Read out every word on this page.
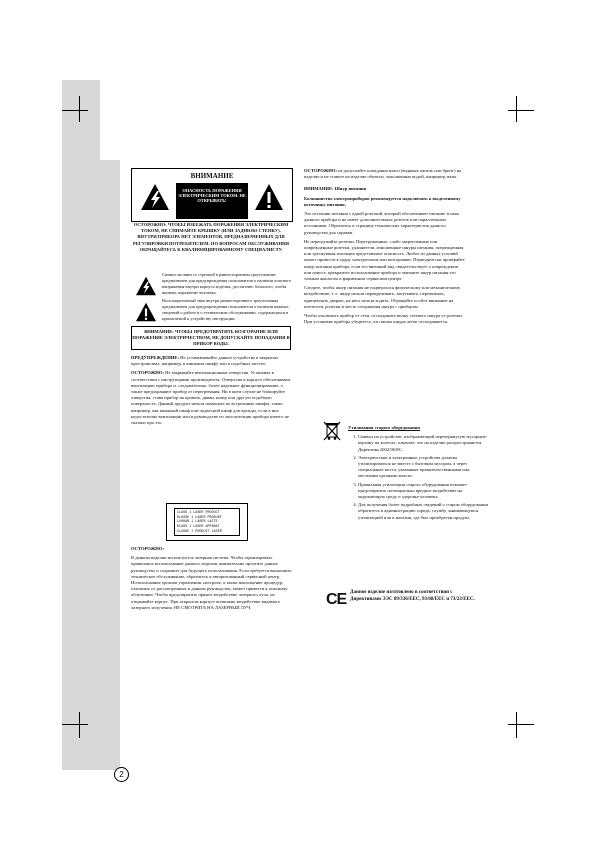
ВНИМАНИЕ
ОПАСНОСТЬ ПОРАЖЕНИЯ ЭЛЕКТРИЧЕСКИМ ТОКОМ. НЕ ОТКРЫВАТЬ!
ОСТОРОЖНО: ЧТОБЫ ИЗБЕЖАТЬ ПОРАЖЕНИЯ ЭЛЕКТРИЧЕСКИМ ТОКОМ, НЕ СНИМАЙТЕ КРЫШКУ (ИЛИ ЗАДНЮЮ СТЕНКУ). ВНУТРИ ПРИБОРА НЕТ ЭЛЕМЕНТОВ, ПРЕДНАЗНАЧЕННЫХ ДЛЯ РЕГУЛИРОВКИ ПОТРЕБИТЕЛЕМ. ПО ВОПРОСАМ ОБСЛУЖИВАНИЯ ОБРАЩАЙТЕСЬ К КВАЛИФИЦИРОВАННОМУ СПЕЦИАЛИСТУ.
Символ молнии со стрелкой в равностороннем треугольнике предназначен для предупреждения пользователя о наличии опасного напряжения внутри корпуса изделия, достаточно большого, чтобы вызвать поражение человека.
Восклицательный знак внутри равностороннего треугольника предназначен для предупреждения пользователя о наличии важных сведений о работе и о техническом обслуживании, содержащихся в прилагаемой к устройству инструкции.
ВНИМАНИЕ: ЧТОБЫ ПРЕДОТВРАТИТЬ ВОЗГОРАНИЕ ИЛИ ПОРАЖЕНИЕ ЭЛЕКТРИЧЕСТВОМ, НЕ ДОПУСКАЙТЕ ПОПАДАНИЯ В ПРИБОР ВОДЫ.

ПРЕДУПРЕЖДЕНИЕ: Не устанавливайте данное устройство в закрытых пространствах, например, в книжном шкафу или в подобных местах.

ОСТОРОЖНО: Не закрывайте вентиляционные отверстия. Установка в соответствии с инструкциями производителя. Отверстия в корпусе обеспечивают вентиляцию прибора и, следовательно, более надежное функционирование, а также предохраняют прибор от перегревания. Ни в коем случае не блокируйте отверстия, ставя прибор на кровать, диван, ковер или другую подобную поверхность. Данный продукт нельзя помещать во встроенные шкафы, такие, например, как книжный шкаф или подвесной шкаф для одежды, если в них недостаточно вентиляции или в руководстве по эксплуатации прибора ничего не сказано про это.

CLASS 1 LASER PRODUCT
KLASSE 1 LASER PRODUKT
LUOKAN 1 LASER LAITE
KLASS 1 LASER APPARAT
CLASSE 1 PRODUIT LASER

ОСТОРОЖНО:

В данном изделии используется лазерная система. Чтобы гарантировать правильное использование данного изделия, внимательно прочтите данное руководство и сохраните для будущего использования. Если требуется выполнить техническое обслуживание, обратитесь в авторизованный сервисный центр. Использование органов управления, настроек, а также выполнение процедур, отличных от рассмотренных в данном руководстве, может привести к опасному облучению. Чтобы предотвратить прямое воздействие лазерного луча, не открывайте корпус. При открытом корпусе возможно воздействие видимого лазерного излучения. НЕ СМОТРИТЕ НА ЛАЗЕРНЫЙ ЛУЧ.

ОСТОРОЖНО: не допускайте попадания влаги (водяных капель или брызг) на изделие и не ставьте на изделие объекты, заполненные водой, например, вазы.

ВНИМАНИЕ: Шнур питания

Большинство электроприборов рекомендуется подключать к выделенному источнику питания.

Это источник питания с одной розеткой, который обеспечивает питание только данного прибора и не имеет дополнительных розеток или параллельных источников. Обратитесь к странице технических характеристик данного руководства для справки.

Не перегружайте розетки. Перегруженные, слабо закрепленные или поврежденные розетки, удлинители, изношенные шнуры питания, поврежденная или треснувшая изоляция представляют опасность. Любое из данных условий может привести к удару электротоком или возгоранию. Периодически проверяйте шнур питания прибора, если его внешний вид свидетельствует о повреждении или износе, прекратите использование прибора и замените шнур питания его точным аналогом в фирменном сервисном центре.

Следите, чтобы шнур питания не подвергался физическому или механическому воздействию, т. е. шнур нельзя перекручивать, запутывать, пережимать, прищемлять дверью, на него нельзя ходить. Обращайте особое внимание на штепсели, розетки и место соединения шнура с прибором.

Чтобы отключить прибор от сети, отсоедините вилку сетевого шнура от розетки. При установке прибора убедитесь, что вилка шнура легко отсоединяется.

Утилизация старого оборудования

1. Символ на устройстве, изображающий перечеркнутую мусорную корзину на колесах, означает, что на изделие распространяется Директива 2002/96/EC.
2. Электрические и электронные устройства должны утилизироваться не вместе с бытовым мусором, а через специальные места, указанные правительственными или местными органами власти.
3. Правильная утилизация старого оборудования поможет предотвратить потенциально вредное воздействие на окружающую среду и здоровье человека.
4. Для получения более подробных сведений о старом оборудовании обратитесь в администрацию города, службу, занимающуюся утилизацией или в магазин, где был приобретен продукт.
CE Данное изделие изготовлено в соответствии с Директивами ЭЭС 89/336/EEC, 93/68/EEC и 73/23/EEC.
2
